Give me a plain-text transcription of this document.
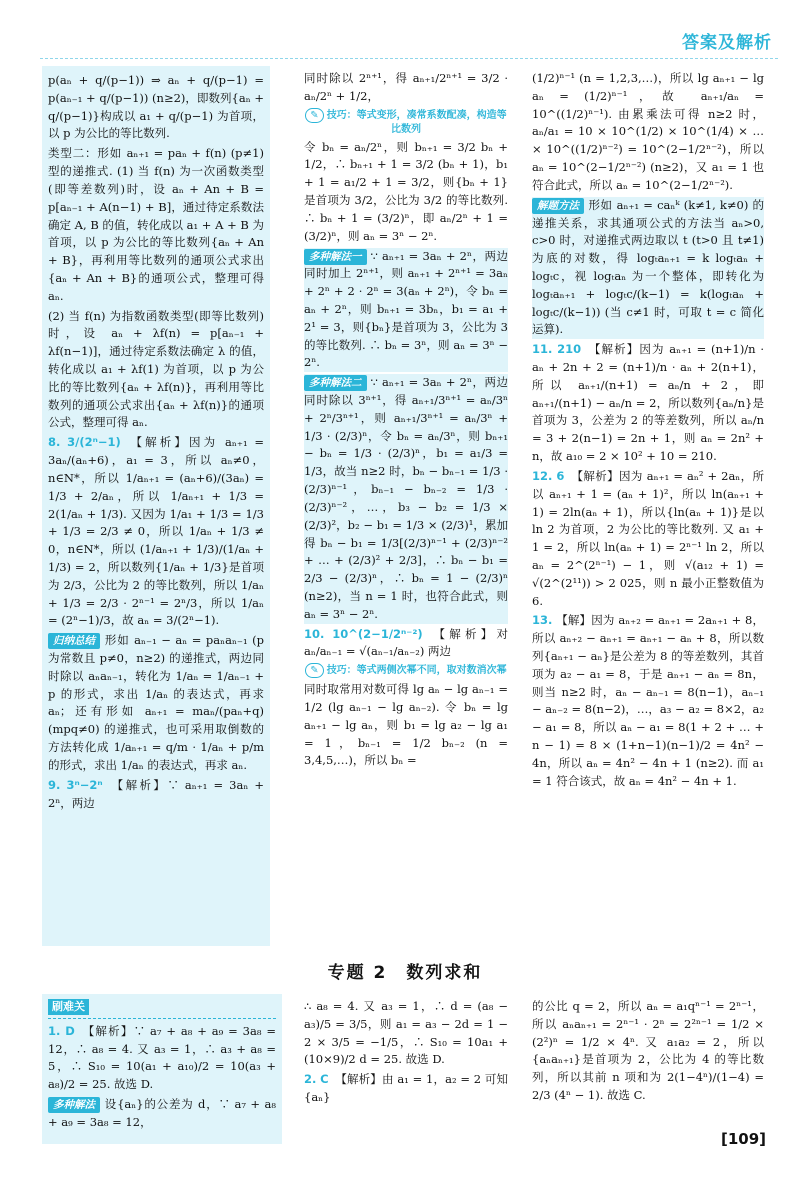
答案及解析

p(aₙ + q/(p−1)) ⇒ aₙ + q/(p−1) = p(aₙ₋₁ + q/(p−1)) (n≥2)，即数列{aₙ + q/(p−1)}构成以 a₁ + q/(p−1) 为首项，以 p 为公比的等比数列.

类型二：形如 aₙ₊₁ = paₙ + f(n) (p≠1) 型的递推式. (1) 当 f(n) 为一次函数类型(即等差数列)时，设 aₙ + An + B = p[aₙ₋₁ + A(n−1) + B]，通过待定系数法确定 A, B 的值，转化成以 a₁ + A + B 为首项，以 p 为公比的等比数列{aₙ + An + B}，再利用等比数列的通项公式求出{aₙ + An + B}的通项公式，整理可得 aₙ.

(2) 当 f(n) 为指数函数类型(即等比数列)时，设 aₙ + λf(n) = p[aₙ₋₁ + λf(n−1)]，通过待定系数法确定 λ 的值，转化成以 a₁ + λf(1) 为首项，以 p 为公比的等比数列{aₙ + λf(n)}，再利用等比数列的通项公式求出{aₙ + λf(n)}的通项公式，整理可得 aₙ.

8. 3/(2ⁿ−1) 【解析】因为 aₙ₊₁ = 3aₙ/(aₙ+6)，a₁ = 3，所以 aₙ≠0，n∈N*，所以 1/aₙ₊₁ = (aₙ+6)/(3aₙ) = 1/3 + 2/aₙ，所以 1/aₙ₊₁ + 1/3 = 2(1/aₙ + 1/3). 又因为 1/a₁ + 1/3 = 1/3 + 1/3 = 2/3 ≠ 0，所以 1/aₙ + 1/3 ≠ 0，n∈N*，所以 (1/aₙ₊₁ + 1/3)/(1/aₙ + 1/3) = 2，所以数列{1/aₙ + 1/3}是首项为 2/3，公比为 2 的等比数列，所以 1/aₙ + 1/3 = 2/3 · 2ⁿ⁻¹ = 2ⁿ/3，所以 1/aₙ = (2ⁿ−1)/3，故 aₙ = 3/(2ⁿ−1).

归纳总结 形如 aₙ₋₁ − aₙ = paₙaₙ₋₁ (p 为常数且 p≠0，n≥2) 的递推式，两边同时除以 aₙaₙ₋₁，转化为 1/aₙ = 1/aₙ₋₁ + p 的形式，求出 1/aₙ 的表达式，再求 aₙ；还有形如 aₙ₊₁ = maₙ/(paₙ+q) (mpq≠0) 的递推式，也可采用取倒数的方法转化成 1/aₙ₊₁ = q/m · 1/aₙ + p/m 的形式，求出 1/aₙ 的表达式，再求 aₙ.

9. 3ⁿ−2ⁿ 【解析】∵ aₙ₊₁ = 3aₙ + 2ⁿ，两边

同时除以 2ⁿ⁺¹，得 aₙ₊₁/2ⁿ⁺¹ = 3/2 · aₙ/2ⁿ + 1/2，

✎ 技巧：等式变形，凑常系数配凑，构造等比数列

令 bₙ = aₙ/2ⁿ，则 bₙ₊₁ = 3/2 bₙ + 1/2，∴ bₙ₊₁ + 1 = 3/2 (bₙ + 1)，b₁ + 1 = a₁/2 + 1 = 3/2，则{bₙ + 1}是首项为 3/2，公比为 3/2 的等比数列. ∴ bₙ + 1 = (3/2)ⁿ，即 aₙ/2ⁿ + 1 = (3/2)ⁿ，则 aₙ = 3ⁿ − 2ⁿ.

多种解法一 ∵ aₙ₊₁ = 3aₙ + 2ⁿ，两边同时加上 2ⁿ⁺¹，则 aₙ₊₁ + 2ⁿ⁺¹ = 3aₙ + 2ⁿ + 2 · 2ⁿ = 3(aₙ + 2ⁿ)，令 bₙ = aₙ + 2ⁿ，则 bₙ₊₁ = 3bₙ，b₁ = a₁ + 2¹ = 3，则{bₙ}是首项为 3，公比为 3 的等比数列. ∴ bₙ = 3ⁿ，则 aₙ = 3ⁿ − 2ⁿ.

多种解法二 ∵ aₙ₊₁ = 3aₙ + 2ⁿ，两边同时除以 3ⁿ⁺¹，得 aₙ₊₁/3ⁿ⁺¹ = aₙ/3ⁿ + 2ⁿ/3ⁿ⁺¹，则 aₙ₊₁/3ⁿ⁺¹ = aₙ/3ⁿ + 1/3 · (2/3)ⁿ，令 bₙ = aₙ/3ⁿ，则 bₙ₊₁ − bₙ = 1/3 · (2/3)ⁿ，b₁ = a₁/3 = 1/3，故当 n≥2 时，bₙ − bₙ₋₁ = 1/3 · (2/3)ⁿ⁻¹，bₙ₋₁ − bₙ₋₂ = 1/3 · (2/3)ⁿ⁻²，…，b₃ − b₂ = 1/3 × (2/3)²，b₂ − b₁ = 1/3 × (2/3)¹，累加得 bₙ − b₁ = 1/3[(2/3)ⁿ⁻¹ + (2/3)ⁿ⁻² + … + (2/3)² + 2/3]，∴ bₙ − b₁ = 2/3 − (2/3)ⁿ，∴ bₙ = 1 − (2/3)ⁿ (n≥2)，当 n = 1 时，也符合此式，则 aₙ = 3ⁿ − 2ⁿ.

10. 10^(2−1/2ⁿ⁻²) 【解析】对 aₙ/aₙ₋₁ = √(aₙ₋₁/aₙ₋₂) 两边

✎ 技巧：等式两侧次幂不同，取对数消次幂

同时取常用对数可得 lg aₙ − lg aₙ₋₁ = 1/2 (lg aₙ₋₁ − lg aₙ₋₂). 令 bₙ = lg aₙ₊₁ − lg aₙ，则 b₁ = lg a₂ − lg a₁ = 1，bₙ₋₁ = 1/2 bₙ₋₂ (n = 3,4,5,…)，所以 bₙ =

(1/2)ⁿ⁻¹ (n = 1,2,3,…)，所以 lg aₙ₊₁ − lg aₙ = (1/2)ⁿ⁻¹，故 aₙ₊₁/aₙ = 10^((1/2)ⁿ⁻¹). 由累乘法可得 n≥2 时，aₙ/a₁ = 10 × 10^(1/2) × 10^(1/4) × … × 10^((1/2)ⁿ⁻²) = 10^(2−1/2ⁿ⁻²)，所以 aₙ = 10^(2−1/2ⁿ⁻²) (n≥2)，又 a₁ = 1 也符合此式，所以 aₙ = 10^(2−1/2ⁿ⁻²).

解题方法 形如 aₙ₊₁ = caₙᵏ (k≠1, k≠0) 的递推关系，求其通项公式的方法当 aₙ>0, c>0 时，对递推式两边取以 t (t>0 且 t≠1) 为底的对数，得 logₜaₙ₊₁ = k logₜaₙ + logₜc，视 logₜaₙ 为一个整体，即转化为 logₜaₙ₊₁ + logₜc/(k−1) = k(logₜaₙ + logₜc/(k−1)) (当 c≠1 时，可取 t = c 简化运算).

11. 210 【解析】因为 aₙ₊₁ = (n+1)/n · aₙ + 2n + 2 = (n+1)/n · aₙ + 2(n+1)，所以 aₙ₊₁/(n+1) = aₙ/n + 2，即 aₙ₊₁/(n+1) − aₙ/n = 2，所以数列{aₙ/n}是首项为 3，公差为 2 的等差数列，所以 aₙ/n = 3 + 2(n−1) = 2n + 1，则 aₙ = 2n² + n，故 a₁₀ = 2 × 10² + 10 = 210.

12. 6 【解析】因为 aₙ₊₁ = aₙ² + 2aₙ，所以 aₙ₊₁ + 1 = (aₙ + 1)²，所以 ln(aₙ₊₁ + 1) = 2ln(aₙ + 1)，所以{ln(aₙ + 1)}是以 ln 2 为首项，2 为公比的等比数列. 又 a₁ + 1 = 2，所以 ln(aₙ + 1) = 2ⁿ⁻¹ ln 2，所以 aₙ = 2^(2ⁿ⁻¹) − 1，则 √(a₁₂ + 1) = √(2^(2¹¹)) > 2 025，则 n 最小正整数值为 6.

13. 【解】因为 aₙ₊₂ = aₙ₊₁ = 2aₙ₊₁ + 8，所以 aₙ₊₂ − aₙ₊₁ = aₙ₊₁ − aₙ + 8，所以数列{aₙ₊₁ − aₙ}是公差为 8 的等差数列，其首项为 a₂ − a₁ = 8，于是 aₙ₊₁ − aₙ = 8n，则当 n≥2 时，aₙ − aₙ₋₁ = 8(n−1)，aₙ₋₁ − aₙ₋₂ = 8(n−2)，…，a₃ − a₂ = 8×2，a₂ − a₁ = 8，所以 aₙ − a₁ = 8(1 + 2 + … + n − 1) = 8 × (1+n−1)(n−1)/2 = 4n² − 4n，所以 aₙ = 4n² − 4n + 1 (n≥2). 而 a₁ = 1 符合该式，故 aₙ = 4n² − 4n + 1.

专题 2　数列求和
刷难关

1. D 【解析】∵ a₇ + a₈ + a₉ = 3a₈ = 12，∴ a₈ = 4. 又 a₃ = 1，∴ a₃ + a₈ = 5，∴ S₁₀ = 10(a₁ + a₁₀)/2 = 10(a₃ + a₈)/2 = 25. 故选 D.

多种解法 设{aₙ}的公差为 d，∵ a₇ + a₈ + a₉ = 3a₈ = 12，

∴ a₈ = 4. 又 a₃ = 1，∴ d = (a₈ − a₃)/5 = 3/5，则 a₁ = a₃ − 2d = 1 − 2 × 3/5 = −1/5，∴ S₁₀ = 10a₁ + (10×9)/2 d = 25. 故选 D.

2. C 【解析】由 a₁ = 1，a₂ = 2 可知{aₙ}

的公比 q = 2，所以 aₙ = a₁qⁿ⁻¹ = 2ⁿ⁻¹，所以 aₙaₙ₊₁ = 2ⁿ⁻¹ · 2ⁿ = 2²ⁿ⁻¹ = 1/2 × (2²)ⁿ = 1/2 × 4ⁿ. 又 a₁a₂ = 2，所以{aₙaₙ₊₁}是首项为 2，公比为 4 的等比数列，所以其前 n 项和为 2(1−4ⁿ)/(1−4) = 2/3 (4ⁿ − 1). 故选 C.

[109]
